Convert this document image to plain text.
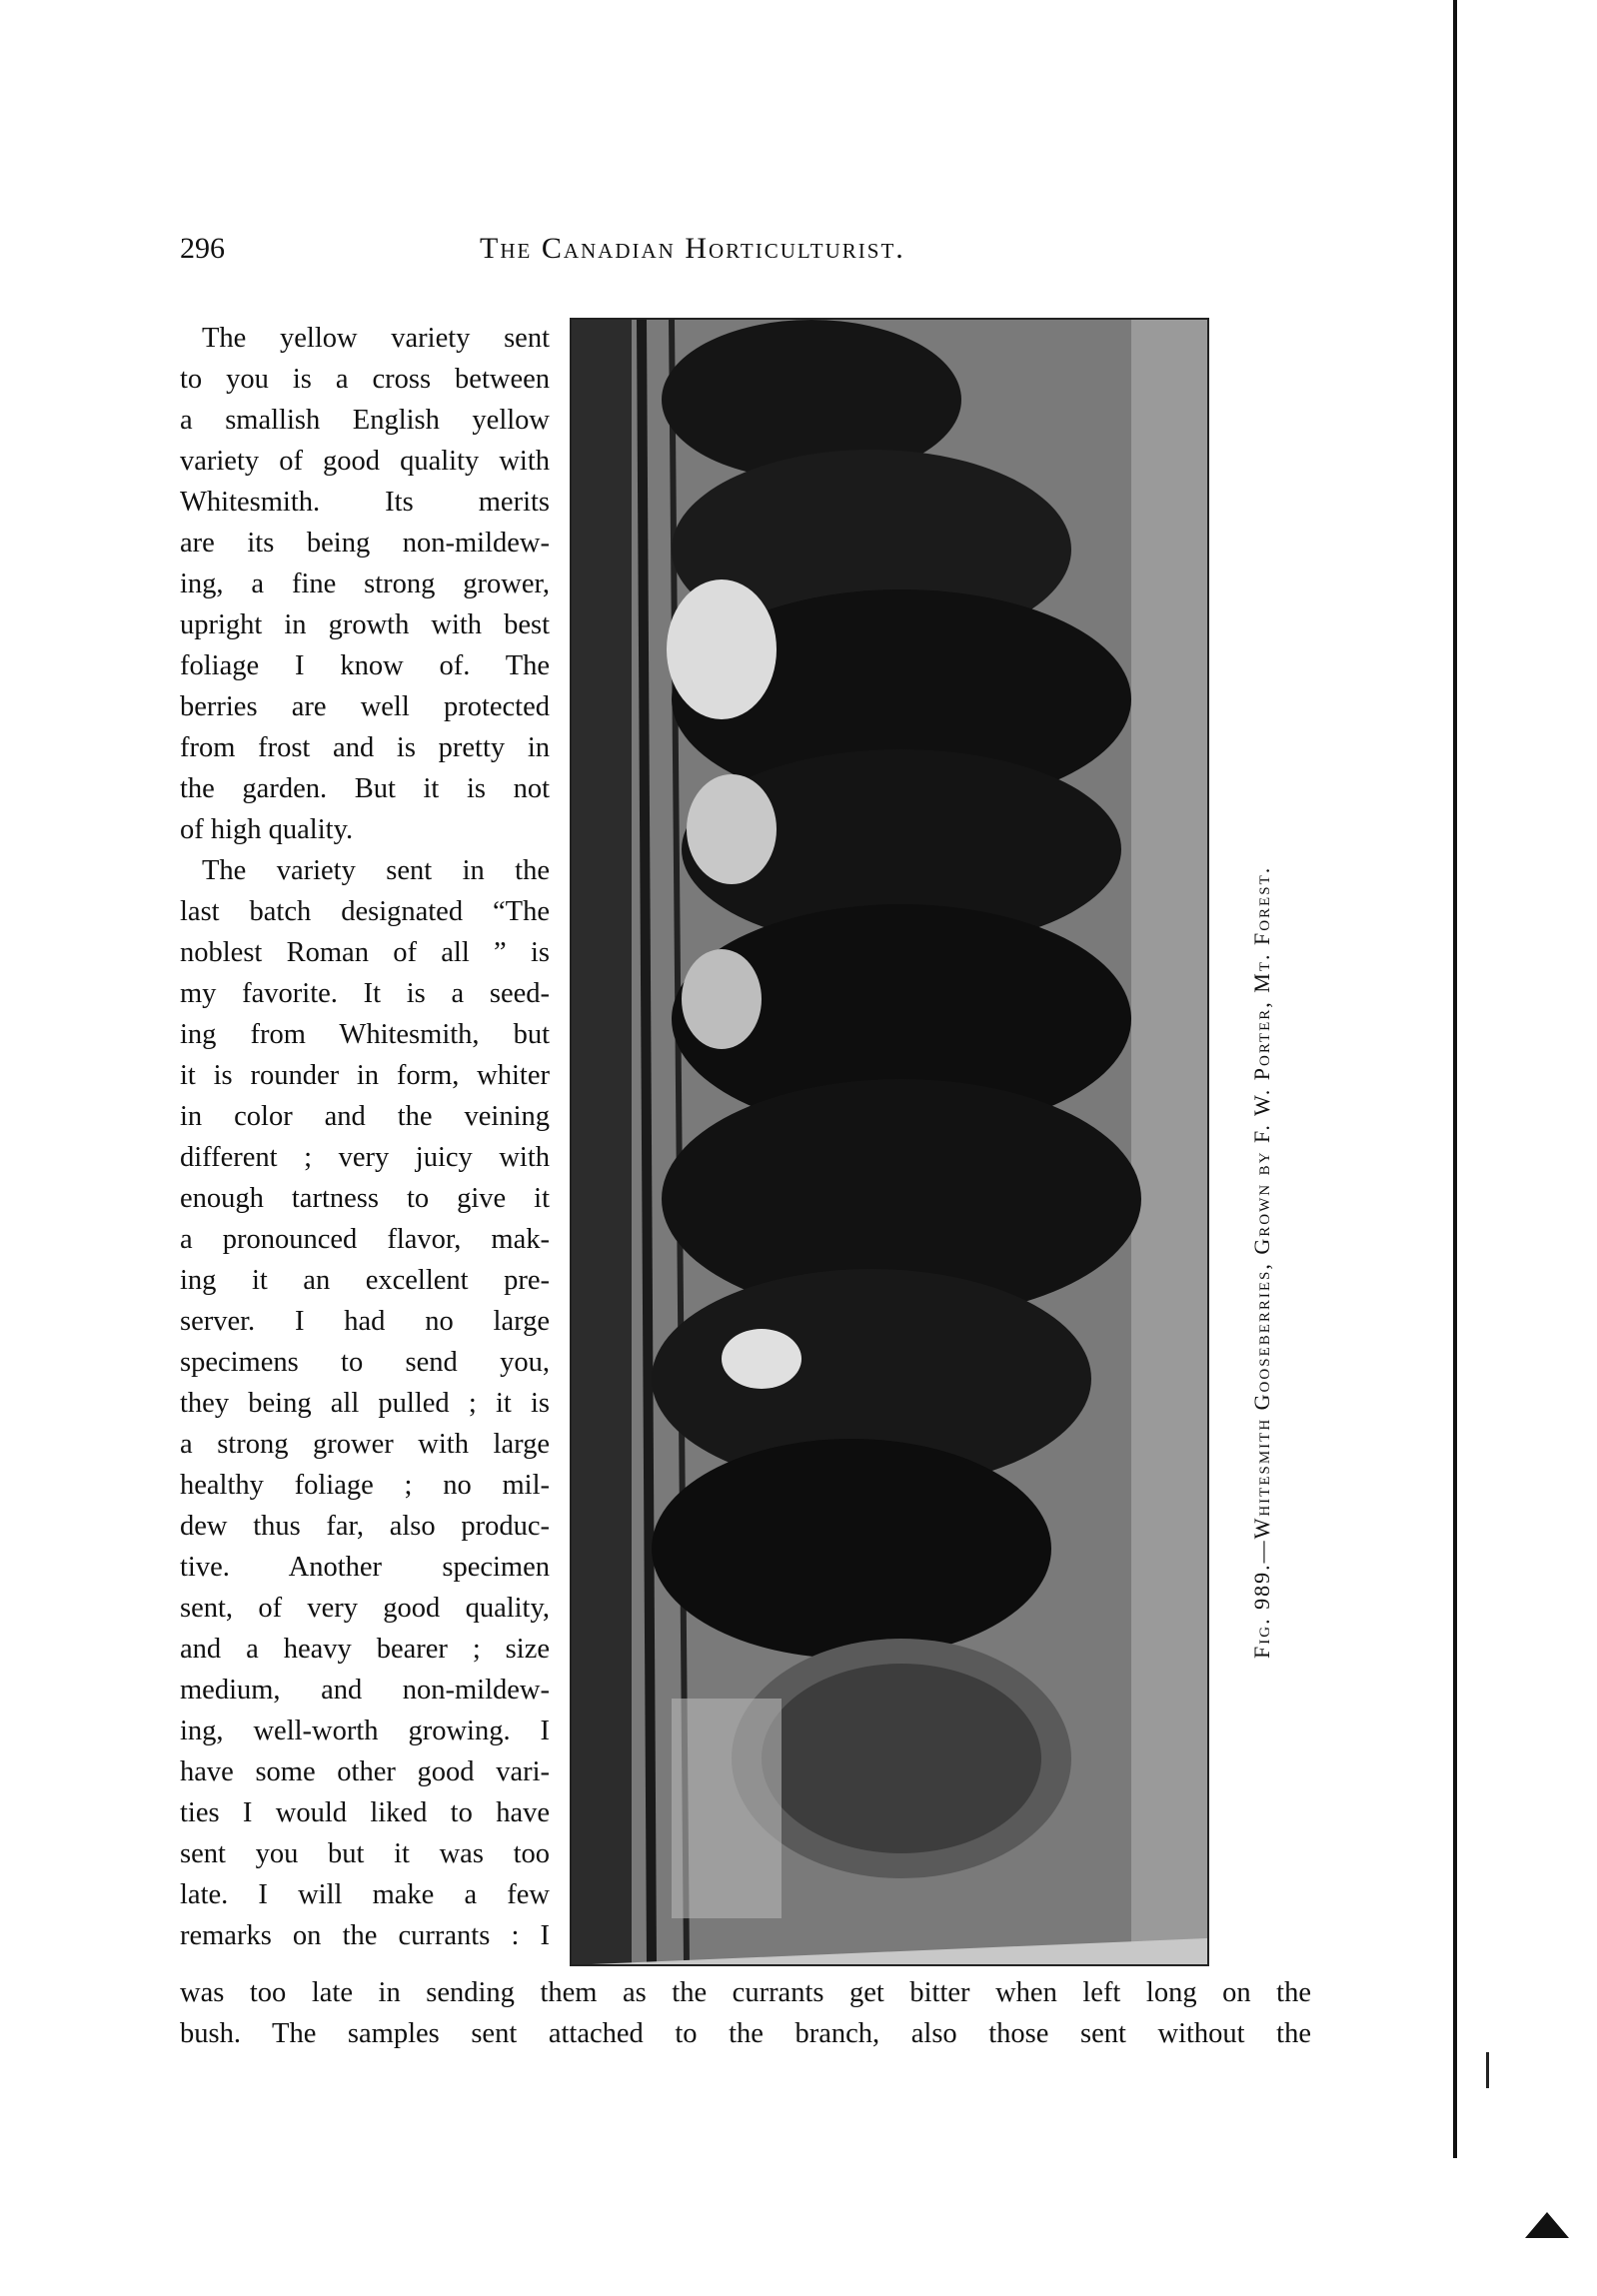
296	The Canadian Horticulturist.
The yellow variety sent
to you is a cross between
a smallish English yellow
variety of good quality with
Whitesmith. Its merits
are its being non-mildew-
ing, a fine strong grower,
upright in growth with best
foliage I know of. The
berries are well protected
from frost and is pretty in
the garden. But it is not
of high quality.
The variety sent in the
last batch designated “The
noblest Roman of all ” is
my favorite. It is a seed-
ing from Whitesmith, but
it is rounder in form, whiter
in color and the veining
different ; very juicy with
enough tartness to give it
a pronounced flavor, mak-
ing it an excellent pre-
server. I had no large
specimens to send you,
they being all pulled ; it is
a strong grower with large
healthy foliage ; no mil-
dew thus far, also produc-
tive. Another specimen
sent, of very good quality,
and a heavy bearer ; size
medium, and non-mildew-
ing, well-worth growing. I
have some other good vari-
ties I would liked to have
sent you but it was too
late. I will make a few
remarks on the currants : I
Fig. 989.—Whitesmith Gooseberries, Grown by F. W. Porter, Mt. Forest.
was too late in sending them as the currants get bitter when left long on the
bush. The samples sent attached to the branch, also those sent without the
